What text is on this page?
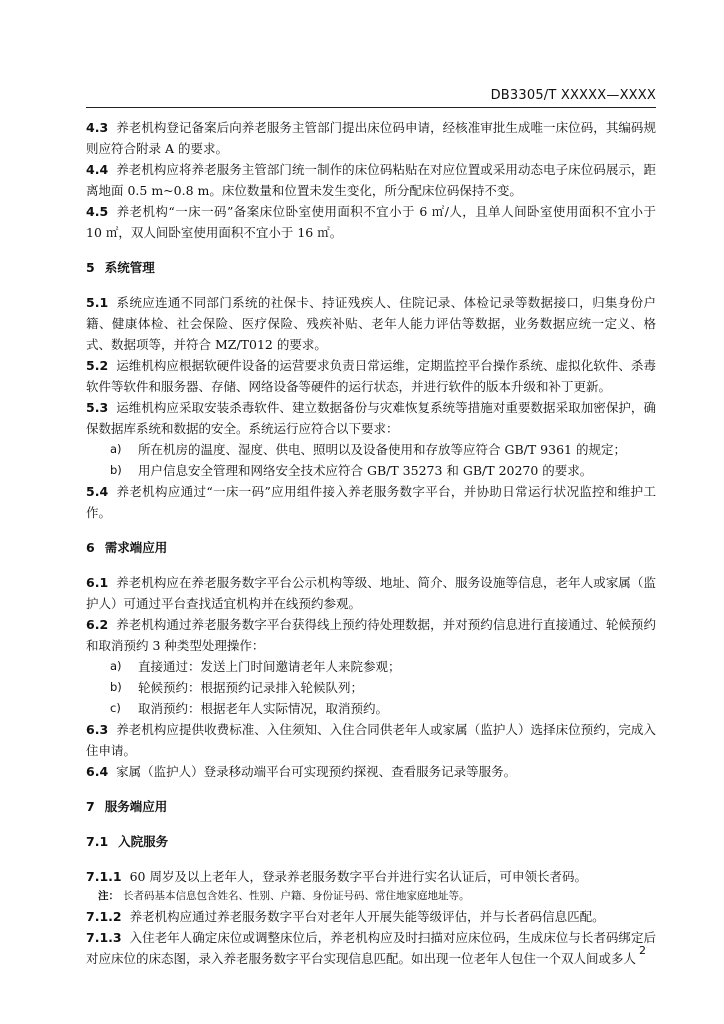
DB3305/T XXXXX—XXXX

4.3 养老机构登记备案后向养老服务主管部门提出床位码申请，经核准审批生成唯一床位码，其编码规则应符合附录 A 的要求。

4.4 养老机构应将养老服务主管部门统一制作的床位码粘贴在对应位置或采用动态电子床位码展示，距离地面 0.5 m~0.8 m。床位数量和位置未发生变化，所分配床位码保持不变。

4.5 养老机构“一床一码”备案床位卧室使用面积不宜小于 6 ㎡/人，且单人间卧室使用面积不宜小于 10 ㎡，双人间卧室使用面积不宜小于 16 ㎡。

5 系统管理

5.1 系统应连通不同部门系统的社保卡、持证残疾人、住院记录、体检记录等数据接口，归集身份户籍、健康体检、社会保险、医疗保险、残疾补贴、老年人能力评估等数据，业务数据应统一定义、格式、数据项等，并符合 MZ/T012 的要求。

5.2 运维机构应根据软硬件设备的运营要求负责日常运维，定期监控平台操作系统、虚拟化软件、杀毒软件等软件和服务器、存储、网络设备等硬件的运行状态，并进行软件的版本升级和补丁更新。

5.3 运维机构应采取安装杀毒软件、建立数据备份与灾难恢复系统等措施对重要数据采取加密保护，确保数据库系统和数据的安全。系统运行应符合以下要求：

a)	所在机房的温度、湿度、供电、照明以及设备使用和存放等应符合 GB/T 9361 的规定；
b)	用户信息安全管理和网络安全技术应符合 GB/T 35273 和 GB/T 20270 的要求。

5.4 养老机构应通过“一床一码”应用组件接入养老服务数字平台，并协助日常运行状况监控和维护工作。

6 需求端应用

6.1 养老机构应在养老服务数字平台公示机构等级、地址、简介、服务设施等信息，老年人或家属（监护人）可通过平台查找适宜机构并在线预约参观。

6.2 养老机构通过养老服务数字平台获得线上预约待处理数据，并对预约信息进行直接通过、轮候预约和取消预约 3 种类型处理操作：

a)	直接通过：发送上门时间邀请老年人来院参观；
b)	轮候预约：根据预约记录排入轮候队列；
c)	取消预约：根据老年人实际情况，取消预约。

6.3 养老机构应提供收费标准、入住须知、入住合同供老年人或家属（监护人）选择床位预约，完成入住申请。

6.4 家属（监护人）登录移动端平台可实现预约探视、查看服务记录等服务。

7 服务端应用

7.1 入院服务

7.1.1 60 周岁及以上老年人，登录养老服务数字平台并进行实名认证后，可申领长者码。

注： 长者码基本信息包含姓名、性别、户籍、身份证号码、常住地家庭地址等。

7.1.2 养老机构应通过养老服务数字平台对老年人开展失能等级评估，并与长者码信息匹配。

7.1.3 入住老年人确定床位或调整床位后，养老机构应及时扫描对应床位码，生成床位与长者码绑定后对应床位的床态图，录入养老服务数字平台实现信息匹配。如出现一位老年人包住一个双人间或多人

2
